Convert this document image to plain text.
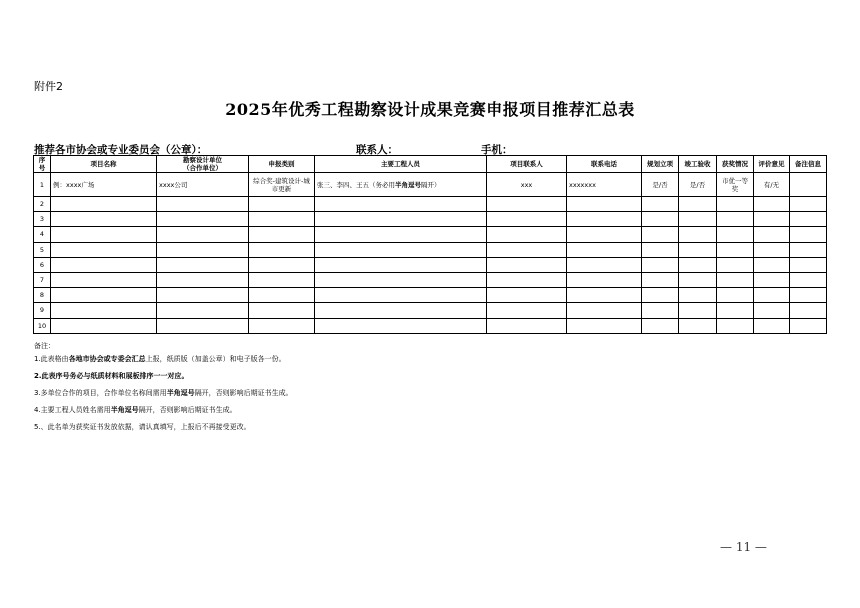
附件2
2025年优秀工程勘察设计成果竞赛申报项目推荐汇总表
推荐各市协会或专业委员会（公章）：	联系人：	手机：
序号	项目名称	勘察设计单位
（合作单位）	申报类别	主要工程人员	项目联系人	联系电话	规划立项	竣工验收	获奖情况	评价意见	备注信息
1	例：xxxx广场	xxxx公司	综合奖-建筑设计-城
市更新	张三、李四、王五（务必用半角逗号隔开）	xxx	xxxxxxx	是/否	是/否	市优一等奖	有/无	
2											
3											
4											
5											
6											
7											
8											
9											
10											
备注：
1.此表格由各地市协会或专委会汇总上报，纸质版（加盖公章）和电子版各一份。
2.此表序号务必与纸质材料和展板排序一一对应。
3.多单位合作的项目，合作单位名称间需用半角逗号隔开，否则影响后期证书生成。
4.主要工程人员姓名需用半角逗号隔开，否则影响后期证书生成。
5.、此名单为获奖证书发放依据，请认真填写，上报后不再接受更改。
— 11 —
